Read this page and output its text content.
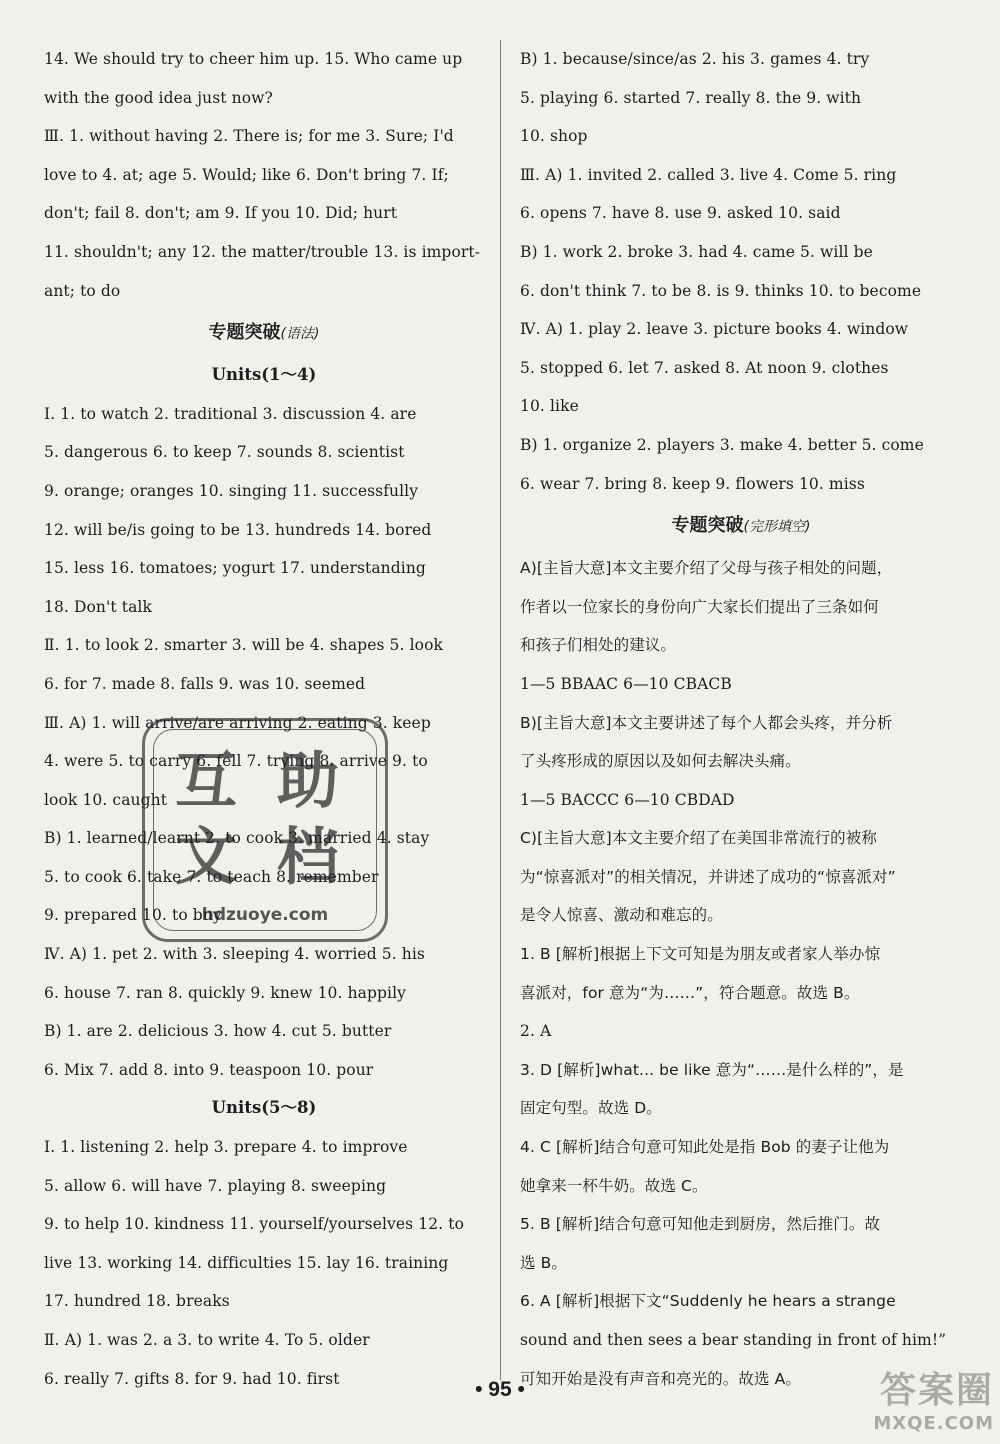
14. We should try to cheer him up. 15. Who came up
with the good idea just now?
Ⅲ. 1. without having 2. There is; for me 3. Sure; I'd
love to 4. at; age 5. Would; like 6. Don't bring 7. If;
don't; fail 8. don't; am 9. If you 10. Did; hurt
11. shouldn't; any 12. the matter/trouble 13. is import-
ant; to do
专题突破(语法)
Units(1～4)
Ⅰ. 1. to watch 2. traditional 3. discussion 4. are
5. dangerous 6. to keep 7. sounds 8. scientist
9. orange; oranges 10. singing 11. successfully
12. will be/is going to be 13. hundreds 14. bored
15. less 16. tomatoes; yogurt 17. understanding
18. Don't talk
Ⅱ. 1. to look 2. smarter 3. will be 4. shapes 5. look
6. for 7. made 8. falls 9. was 10. seemed
Ⅲ. A) 1. will arrive/are arriving 2. eating 3. keep
4. were 5. to carry 6. fell 7. trying 8. arrive 9. to
look 10. caught
B) 1. learned/learnt 2. to cook 3. married 4. stay
5. to cook 6. take 7. to teach 8. remember
9. prepared 10. to buy
Ⅳ. A) 1. pet 2. with 3. sleeping 4. worried 5. his
6. house 7. ran 8. quickly 9. knew 10. happily
B) 1. are 2. delicious 3. how 4. cut 5. butter
6. Mix 7. add 8. into 9. teaspoon 10. pour
Units(5～8)
Ⅰ. 1. listening 2. help 3. prepare 4. to improve
5. allow 6. will have 7. playing 8. sweeping
9. to help 10. kindness 11. yourself/yourselves 12. to
live 13. working 14. difficulties 15. lay 16. training
17. hundred 18. breaks
Ⅱ. A) 1. was 2. a 3. to write 4. To 5. older
6. really 7. gifts 8. for 9. had 10. first
B) 1. because/since/as 2. his 3. games 4. try
5. playing 6. started 7. really 8. the 9. with
10. shop
Ⅲ. A) 1. invited 2. called 3. live 4. Come 5. ring
6. opens 7. have 8. use 9. asked 10. said
B) 1. work 2. broke 3. had 4. came 5. will be
6. don't think 7. to be 8. is 9. thinks 10. to become
Ⅳ. A) 1. play 2. leave 3. picture books 4. window
5. stopped 6. let 7. asked 8. At noon 9. clothes
10. like
B) 1. organize 2. players 3. make 4. better 5. come
6. wear 7. bring 8. keep 9. flowers 10. miss
专题突破(完形填空)
A)[主旨大意]本文主要介绍了父母与孩子相处的问题，
作者以一位家长的身份向广大家长们提出了三条如何
和孩子们相处的建议。
1—5 BBAAC 6—10 CBACB
B)[主旨大意]本文主要讲述了每个人都会头疼，并分析
了头疼形成的原因以及如何去解决头痛。
1—5 BACCC 6—10 CBDAD
C)[主旨大意]本文主要介绍了在美国非常流行的被称
为“惊喜派对”的相关情况，并讲述了成功的“惊喜派对”
是令人惊喜、激动和难忘的。
1. B [解析]根据上下文可知是为朋友或者家人举办惊
喜派对，for 意为“为……”，符合题意。故选 B。
2. A
3. D [解析]what... be like 意为“……是什么样的”，是
固定句型。故选 D。
4. C [解析]结合句意可知此处是指 Bob 的妻子让他为
她拿来一杯牛奶。故选 C。
5. B [解析]结合句意可知他走到厨房，然后推门。故
选 B。
6. A [解析]根据下文“Suddenly he hears a strange
sound and then sees a bear standing in front of him!”
可知开始是没有声音和亮光的。故选 A。
互 助
文 档
hdzuoye.com
• 95 •	答案圈
MXQE.COM
